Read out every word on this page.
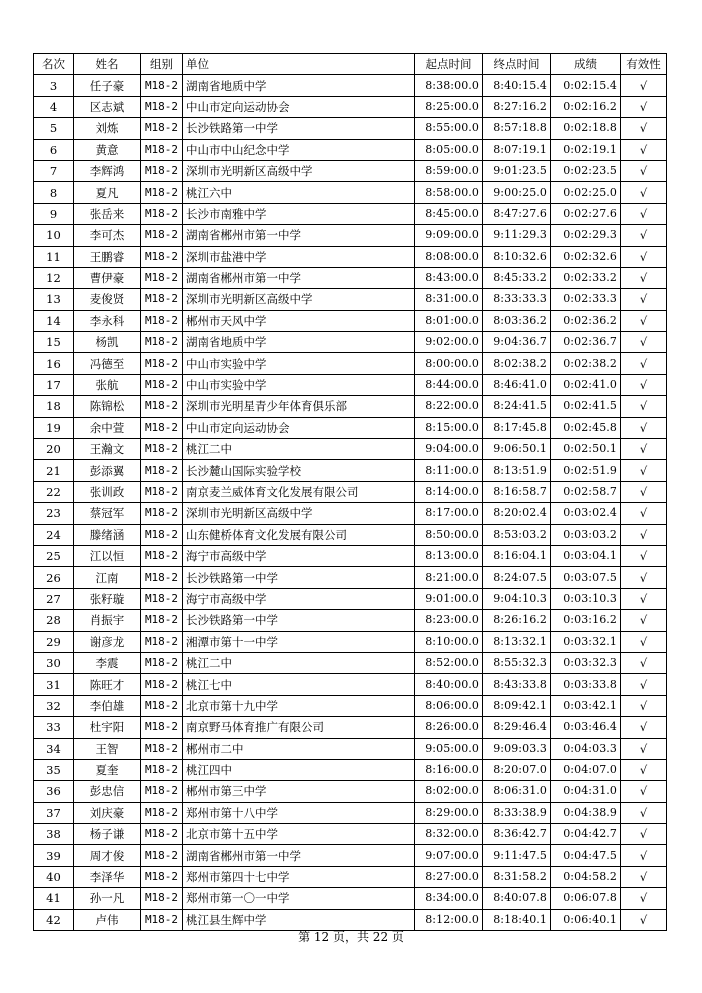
名次	姓名	组别	单位	起点时间	终点时间	成绩	有效性
3	任子豪	M18-2	湖南省地质中学	8:38:00.0	8:40:15.4	0:02:15.4	√
4	区志斌	M18-2	中山市定向运动协会	8:25:00.0	8:27:16.2	0:02:16.2	√
5	刘炼	M18-2	长沙铁路第一中学	8:55:00.0	8:57:18.8	0:02:18.8	√
6	黄意	M18-2	中山市中山纪念中学	8:05:00.0	8:07:19.1	0:02:19.1	√
7	李辉鸿	M18-2	深圳市光明新区高级中学	8:59:00.0	9:01:23.5	0:02:23.5	√
8	夏凡	M18-2	桃江六中	8:58:00.0	9:00:25.0	0:02:25.0	√
9	张岳来	M18-2	长沙市南雅中学	8:45:00.0	8:47:27.6	0:02:27.6	√
10	李可杰	M18-2	湖南省郴州市第一中学	9:09:00.0	9:11:29.3	0:02:29.3	√
11	王鹏睿	M18-2	深圳市盐港中学	8:08:00.0	8:10:32.6	0:02:32.6	√
12	曹伊豪	M18-2	湖南省郴州市第一中学	8:43:00.0	8:45:33.2	0:02:33.2	√
13	麦俊贤	M18-2	深圳市光明新区高级中学	8:31:00.0	8:33:33.3	0:02:33.3	√
14	李永科	M18-2	郴州市天风中学	8:01:00.0	8:03:36.2	0:02:36.2	√
15	杨凯	M18-2	湖南省地质中学	9:02:00.0	9:04:36.7	0:02:36.7	√
16	冯德至	M18-2	中山市实验中学	8:00:00.0	8:02:38.2	0:02:38.2	√
17	张航	M18-2	中山市实验中学	8:44:00.0	8:46:41.0	0:02:41.0	√
18	陈锦松	M18-2	深圳市光明星青少年体育俱乐部	8:22:00.0	8:24:41.5	0:02:41.5	√
19	余中萱	M18-2	中山市定向运动协会	8:15:00.0	8:17:45.8	0:02:45.8	√
20	王瀚文	M18-2	桃江二中	9:04:00.0	9:06:50.1	0:02:50.1	√
21	彭添翼	M18-2	长沙麓山国际实验学校	8:11:00.0	8:13:51.9	0:02:51.9	√
22	张训政	M18-2	南京麦兰威体育文化发展有限公司	8:14:00.0	8:16:58.7	0:02:58.7	√
23	蔡冠军	M18-2	深圳市光明新区高级中学	8:17:00.0	8:20:02.4	0:03:02.4	√
24	滕绪涵	M18-2	山东健桥体育文化发展有限公司	8:50:00.0	8:53:03.2	0:03:03.2	√
25	江以恒	M18-2	海宁市高级中学	8:13:00.0	8:16:04.1	0:03:04.1	√
26	江南	M18-2	长沙铁路第一中学	8:21:00.0	8:24:07.5	0:03:07.5	√
27	张籽璇	M18-2	海宁市高级中学	9:01:00.0	9:04:10.3	0:03:10.3	√
28	肖振宇	M18-2	长沙铁路第一中学	8:23:00.0	8:26:16.2	0:03:16.2	√
29	谢彦龙	M18-2	湘潭市第十一中学	8:10:00.0	8:13:32.1	0:03:32.1	√
30	李震	M18-2	桃江二中	8:52:00.0	8:55:32.3	0:03:32.3	√
31	陈旺才	M18-2	桃江七中	8:40:00.0	8:43:33.8	0:03:33.8	√
32	李伯雄	M18-2	北京市第十九中学	8:06:00.0	8:09:42.1	0:03:42.1	√
33	杜宇阳	M18-2	南京野马体育推广有限公司	8:26:00.0	8:29:46.4	0:03:46.4	√
34	王智	M18-2	郴州市二中	9:05:00.0	9:09:03.3	0:04:03.3	√
35	夏奎	M18-2	桃江四中	8:16:00.0	8:20:07.0	0:04:07.0	√
36	彭忠信	M18-2	郴州市第三中学	8:02:00.0	8:06:31.0	0:04:31.0	√
37	刘庆豪	M18-2	郑州市第十八中学	8:29:00.0	8:33:38.9	0:04:38.9	√
38	杨子谦	M18-2	北京市第十五中学	8:32:00.0	8:36:42.7	0:04:42.7	√
39	周才俊	M18-2	湖南省郴州市第一中学	9:07:00.0	9:11:47.5	0:04:47.5	√
40	李泽华	M18-2	郑州市第四十七中学	8:27:00.0	8:31:58.2	0:04:58.2	√
41	孙一凡	M18-2	郑州市第一〇一中学	8:34:00.0	8:40:07.8	0:06:07.8	√
42	卢伟	M18-2	桃江县生辉中学	8:12:00.0	8:18:40.1	0:06:40.1	√
第 12 页，共 22 页
